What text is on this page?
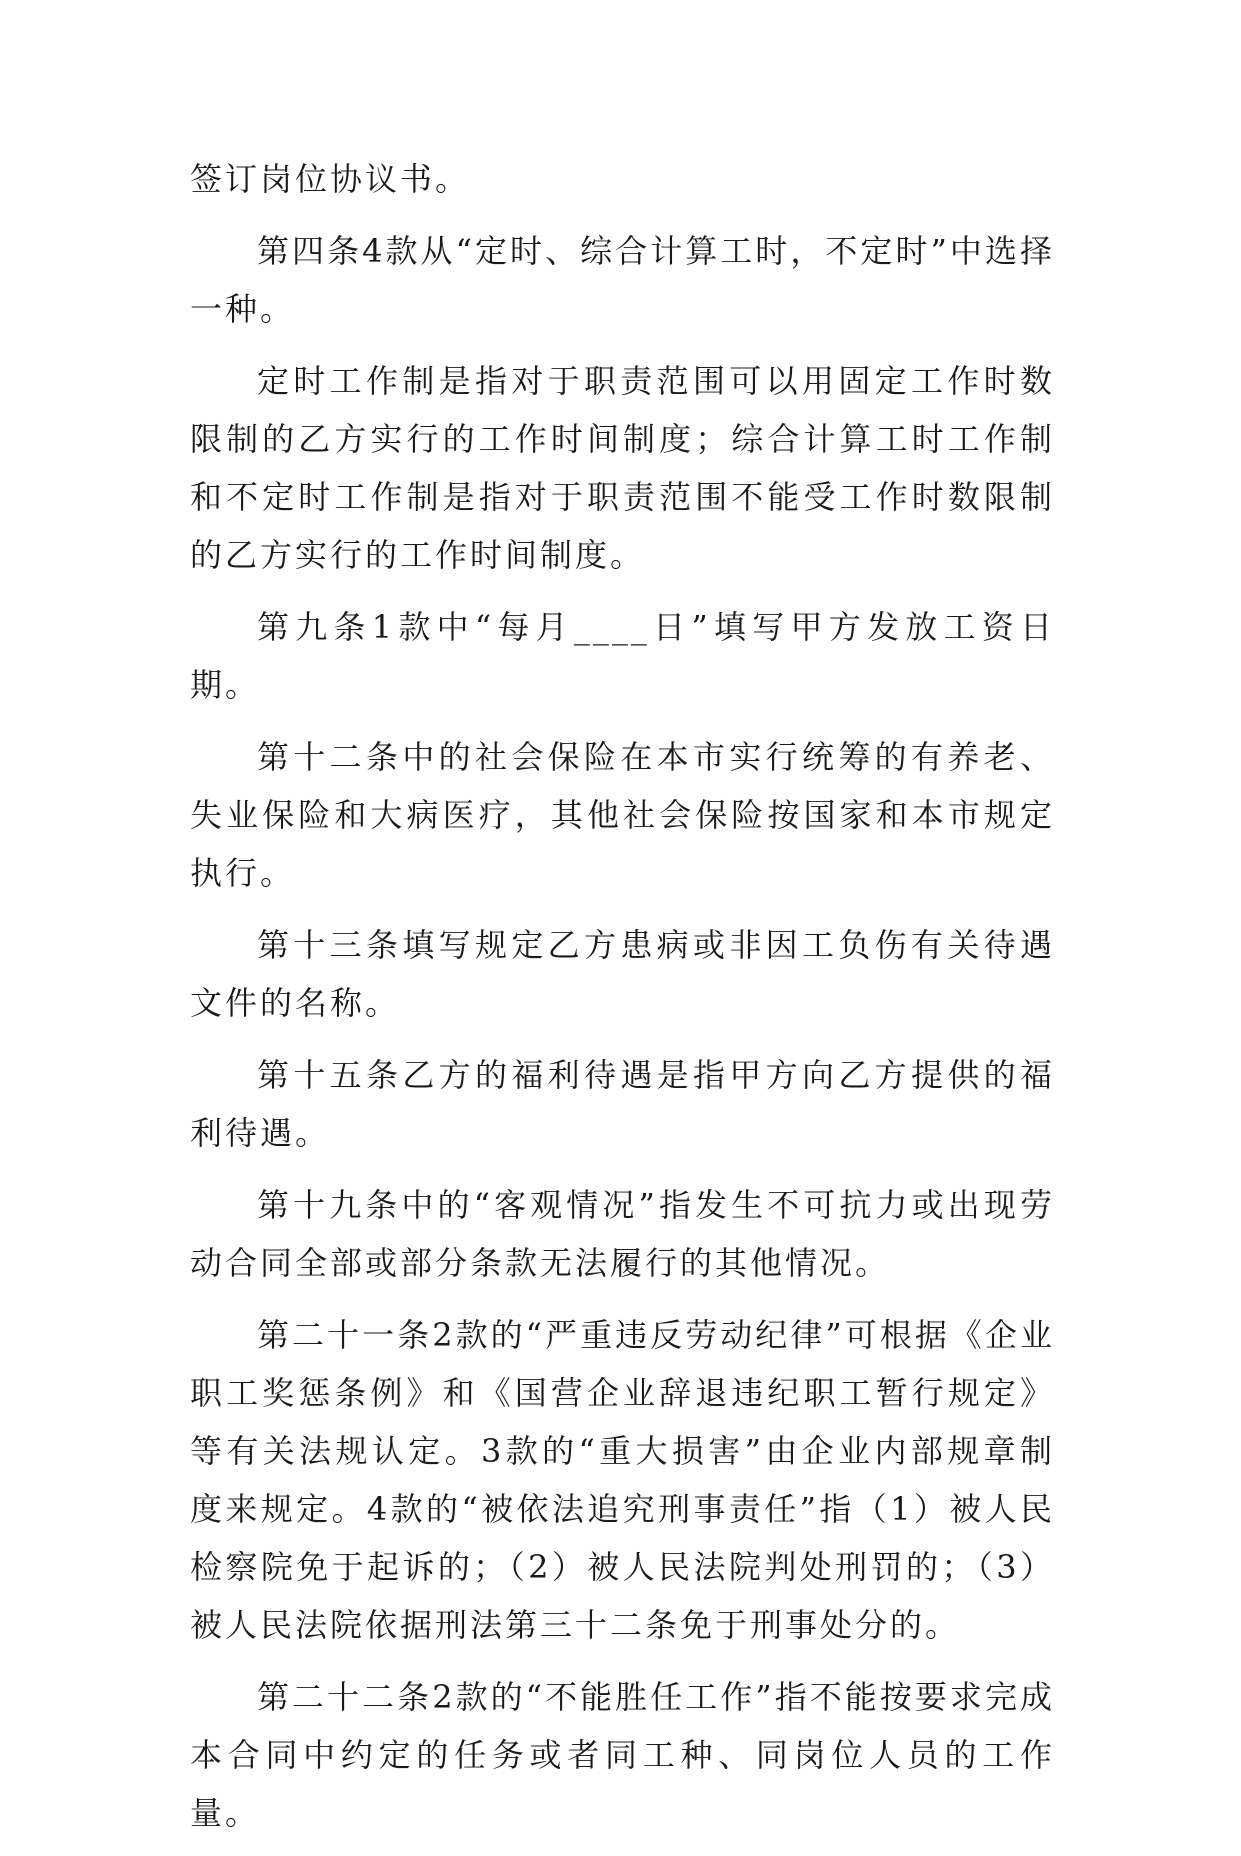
签订岗位协议书。

第四条4款从“定时、综合计算工时，不定时”中选择一种。

定时工作制是指对于职责范围可以用固定工作时数限制的乙方实行的工作时间制度；综合计算工时工作制和不定时工作制是指对于职责范围不能受工作时数限制的乙方实行的工作时间制度。

第九条1款中“每月____日”填写甲方发放工资日期。

第十二条中的社会保险在本市实行统筹的有养老、失业保险和大病医疗，其他社会保险按国家和本市规定执行。

第十三条填写规定乙方患病或非因工负伤有关待遇文件的名称。

第十五条乙方的福利待遇是指甲方向乙方提供的福利待遇。

第十九条中的“客观情况”指发生不可抗力或出现劳动合同全部或部分条款无法履行的其他情况。

第二十一条2款的“严重违反劳动纪律”可根据《企业职工奖惩条例》和《国营企业辞退违纪职工暂行规定》等有关法规认定。3款的“重大损害”由企业内部规章制度来规定。4款的“被依法追究刑事责任”指（1）被人民检察院免于起诉的；（2）被人民法院判处刑罚的；（3）被人民法院依据刑法第三十二条免于刑事处分的。

第二十二条2款的“不能胜任工作”指不能按要求完成本合同中约定的任务或者同工种、同岗位人员的工作量。
